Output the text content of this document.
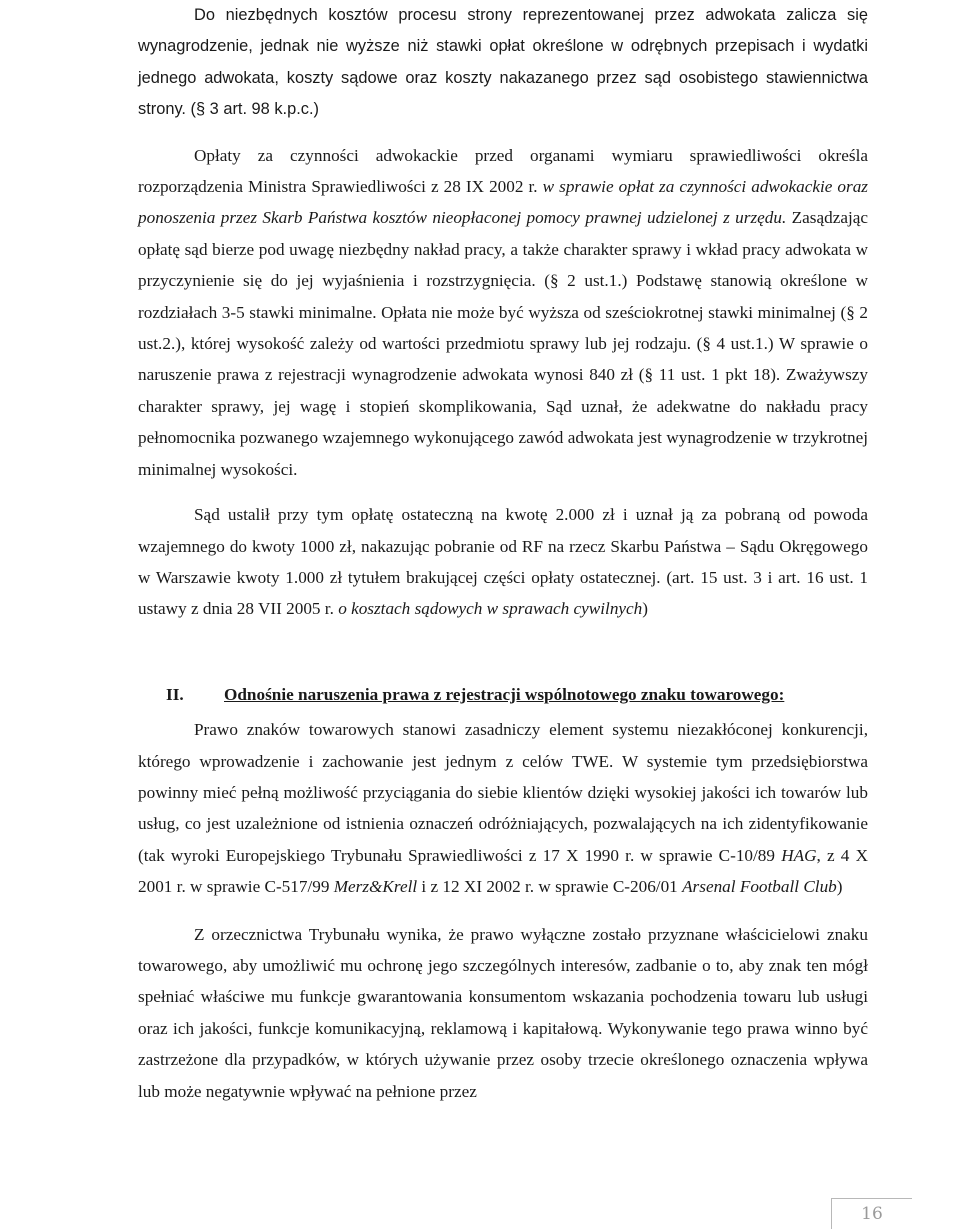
Do niezbędnych kosztów procesu strony reprezentowanej przez adwokata zalicza się wynagrodzenie, jednak nie wyższe niż stawki opłat określone w odrębnych przepisach i wydatki jednego adwokata, koszty sądowe oraz koszty nakazanego przez sąd osobistego stawiennictwa strony. (§ 3 art. 98 k.p.c.)

Opłaty za czynności adwokackie przed organami wymiaru sprawiedliwości określa rozporządzenia Ministra Sprawiedliwości z 28 IX 2002 r. w sprawie opłat za czynności adwokackie oraz ponoszenia przez Skarb Państwa kosztów nieopłaconej pomocy prawnej udzielonej z urzędu. Zasądzając opłatę sąd bierze pod uwagę niezbędny nakład pracy, a także charakter sprawy i wkład pracy adwokata w przyczynienie się do jej wyjaśnienia i rozstrzygnięcia. (§ 2 ust.1.) Podstawę stanowią określone w rozdziałach 3-5 stawki minimalne. Opłata nie może być wyższa od sześciokrotnej stawki minimalnej (§ 2 ust.2.), której wysokość zależy od wartości przedmiotu sprawy lub jej rodzaju. (§ 4 ust.1.) W sprawie o naruszenie prawa z rejestracji wynagrodzenie adwokata wynosi 840 zł (§ 11 ust. 1 pkt 18). Zważywszy charakter sprawy, jej wagę i stopień skomplikowania, Sąd uznał, że adekwatne do nakładu pracy pełnomocnika pozwanego wzajemnego wykonującego zawód adwokata jest wynagrodzenie w trzykrotnej minimalnej wysokości.

Sąd ustalił przy tym opłatę ostateczną na kwotę 2.000 zł i uznał ją za pobraną od powoda wzajemnego do kwoty 1000 zł, nakazując pobranie od RF na rzecz Skarbu Państwa – Sądu Okręgowego w Warszawie kwoty 1.000 zł tytułem brakującej części opłaty ostatecznej. (art. 15 ust. 3 i art. 16 ust. 1 ustawy z dnia 28 VII 2005 r. o kosztach sądowych w sprawach cywilnych)

II.	Odnośnie naruszenia prawa z rejestracji wspólnotowego znaku towarowego:

Prawo znaków towarowych stanowi zasadniczy element systemu niezakłóconej konkurencji, którego wprowadzenie i zachowanie jest jednym z celów TWE. W systemie tym przedsiębiorstwa powinny mieć pełną możliwość przyciągania do siebie klientów dzięki wysokiej jakości ich towarów lub usług, co jest uzależnione od istnienia oznaczeń odróżniających, pozwalających na ich zidentyfikowanie (tak wyroki Europejskiego Trybunału Sprawiedliwości z 17 X 1990 r. w sprawie C-10/89 HAG, z 4 X 2001 r. w sprawie C-517/99 Merz&Krell i z 12 XI 2002 r. w sprawie C-206/01 Arsenal Football Club)

Z orzecznictwa Trybunału wynika, że prawo wyłączne zostało przyznane właścicielowi znaku towarowego, aby umożliwić mu ochronę jego szczególnych interesów, zadbanie o to, aby znak ten mógł spełniać właściwe mu funkcje gwarantowania konsumentom wskazania pochodzenia towaru lub usługi oraz ich jakości, funkcje komunikacyjną, reklamową i kapitałową. Wykonywanie tego prawa winno być zastrzeżone dla przypadków, w których używanie przez osoby trzecie określonego oznaczenia wpływa lub może negatywnie wpływać na pełnione przez

16
